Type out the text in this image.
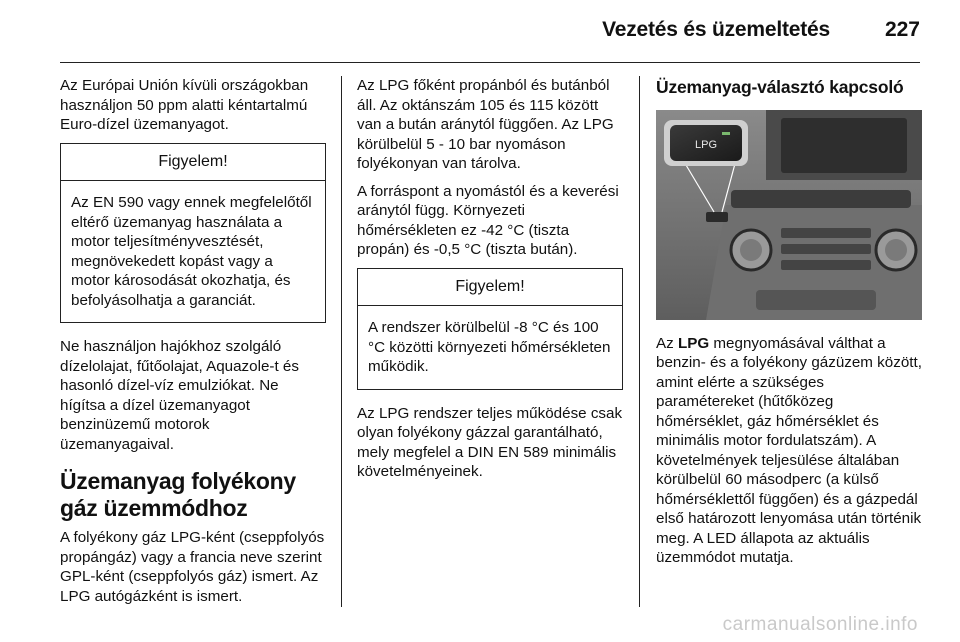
Vezetés és üzemeltetés	227

Az Európai Unión kívüli országokban használjon 50 ppm alatti kéntartalmú Euro-dízel üzemanyagot.

Figyelem!
Az EN 590 vagy ennek megfelelőtől eltérő üzemanyag használata a motor teljesítményvesztését, megnövekedett kopást vagy a motor károsodását okozhatja, és befolyásolhatja a garanciát.

Ne használjon hajókhoz szolgáló dízelolajat, fűtőolajat, Aquazole-t és hasonló dízel-víz emulziókat. Ne hígítsa a dízel üzemanyagot benzinüzemű motorok üzemanyagaival.

Üzemanyag folyékony gáz üzemmódhoz

A folyékony gáz LPG-ként (cseppfolyós propángáz) vagy a francia neve szerint GPL-ként (cseppfolyós gáz) ismert. Az LPG autógázként is ismert.

Az LPG főként propánból és butánból áll. Az oktánszám 105 és 115 között van a bután aránytól függően. Az LPG körülbelül 5 - 10 bar nyomáson folyékonyan van tárolva.

A forráspont a nyomástól és a keverési aránytól függ. Környezeti hőmérsékleten ez -42 °C (tiszta propán) és -0,5 °C (tiszta bután).

Figyelem!
A rendszer körülbelül -8 °C és 100 °C közötti környezeti hőmérsékleten működik.

Az LPG rendszer teljes működése csak olyan folyékony gázzal garantálható, mely megfelel a DIN EN 589 minimális követelményeinek.

Üzemanyag-választó kapcsoló
LPG

Az LPG megnyomásával válthat a benzin- és a folyékony gázüzem között, amint elérte a szükséges paramétereket (hűtőközeg hőmérséklet, gáz hőmérséklet és minimális motor fordulatszám). A követelmények teljesülése általában körülbelül 60 másodperc (a külső hőmérséklettől függően) és a gázpedál első határozott lenyomása után történik meg. A LED állapota az aktuális üzemmódot mutatja.

carmanualsonline.info
